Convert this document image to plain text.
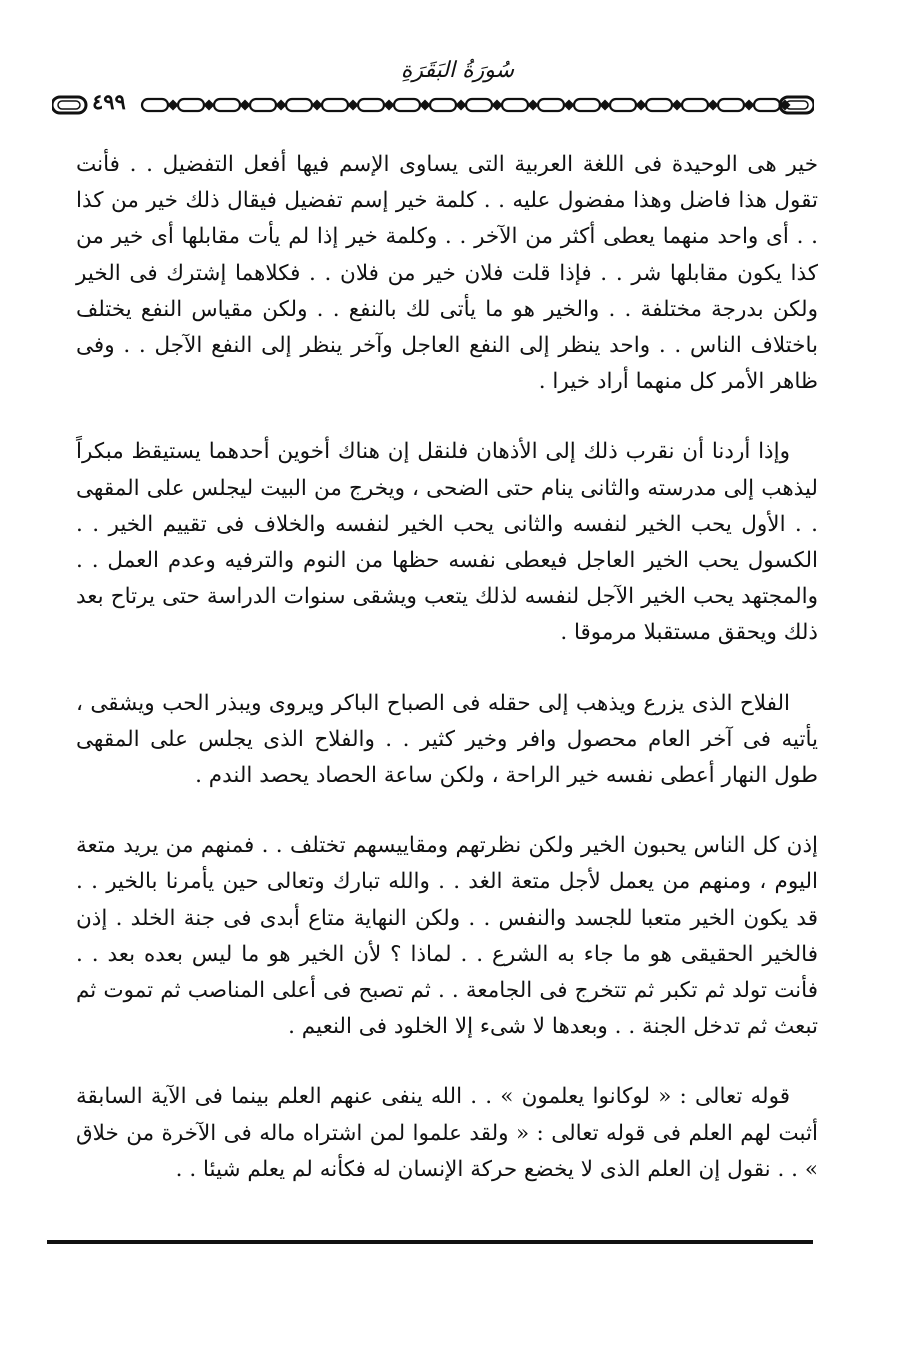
سُورَةُ البَقَرَةِ
٤٩٩

خير هى الوحيدة فى اللغة العربية التى يساوى الإسم فيها أفعل التفضيل . . فأنت تقول هذا فاضل وهذا مفضول عليه . . كلمة خير إسم تفضيل فيقال ذلك خير من كذا . . أى واحد منهما يعطى أكثر من الآخر . . وكلمة خير إذا لم يأت مقابلها أى خير من كذا يكون مقابلها شر . . فإذا قلت فلان خير من فلان . . فكلاهما إشترك فى الخير ولكن بدرجة مختلفة . . والخير هو ما يأتى لك بالنفع . . ولكن مقياس النفع يختلف باختلاف الناس . . واحد ينظر إلى النفع العاجل وآخر ينظر إلى النفع الآجل . . وفى ظاهر الأمر كل منهما أراد خيرا .

وإذا أردنا أن نقرب ذلك إلى الأذهان فلنقل إن هناك أخوين أحدهما يستيقظ مبكراً ليذهب إلى مدرسته والثانى ينام حتى الضحى ، ويخرج من البيت ليجلس على المقهى . . الأول يحب الخير لنفسه والثانى يحب الخير لنفسه والخلاف فى تقييم الخير . . الكسول يحب الخير العاجل فيعطى نفسه حظها من النوم والترفيه وعدم العمل . . والمجتهد يحب الخير الآجل لنفسه لذلك يتعب ويشقى سنوات الدراسة حتى يرتاح بعد ذلك ويحقق مستقبلا مرموقا .

الفلاح الذى يزرع ويذهب إلى حقله فى الصباح الباكر ويروى ويبذر الحب ويشقى ، يأتيه فى آخر العام محصول وافر وخير كثير . . والفلاح الذى يجلس على المقهى طول النهار أعطى نفسه خير الراحة ، ولكن ساعة الحصاد يحصد الندم .

إذن كل الناس يحبون الخير ولكن نظرتهم ومقاييسهم تختلف . . فمنهم من يريد متعة اليوم ، ومنهم من يعمل لأجل متعة الغد . . والله تبارك وتعالى حين يأمرنا بالخير . . قد يكون الخير متعبا للجسد والنفس . . ولكن النهاية متاع أبدى فى جنة الخلد . إذن فالخير الحقيقى هو ما جاء به الشرع . . لماذا ؟ لأن الخير هو ما ليس بعده بعد . . فأنت تولد ثم تكبر ثم تتخرج فى الجامعة . . ثم تصبح فى أعلى المناصب ثم تموت ثم تبعث ثم تدخل الجنة . . وبعدها لا شىء إلا الخلود فى النعيم .

قوله تعالى : « لوكانوا يعلمون » . . الله ينفى عنهم العلم بينما فى الآية السابقة أثبت لهم العلم فى قوله تعالى : « ولقد علموا لمن اشتراه ماله فى الآخرة من خلاق » . . نقول إن العلم الذى لا يخضع حركة الإنسان له فكأنه لم يعلم شيئا . .
